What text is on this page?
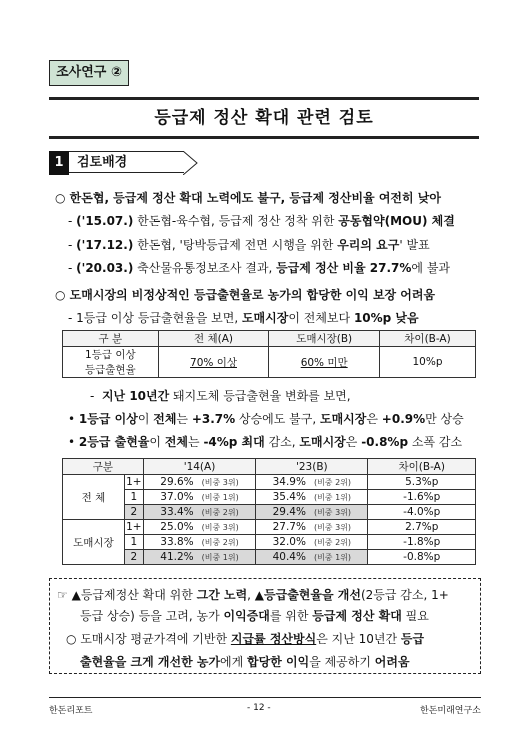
조사연구 ②
등급제 정산 확대 관련 검토
1	검토배경
○ 한돈협, 등급제 정산 확대 노력에도 불구, 등급제 정산비율 여전히 낮아
- ('15.07.) 한돈협-육수협, 등급제 정산 정착 위한 공동협약(MOU) 체결
- ('17.12.) 한돈협, '탕박등급제 전면 시행을 위한 우리의 요구' 발표
- ('20.03.) 축산물유통정보조사 결과, 등급제 정산 비율 27.7%에 불과
○ 도매시장의 비정상적인 등급출현율로 농가의 합당한 이익 보장 어려움
- 1등급 이상 등급출현율을 보면, 도매시장이 전체보다 10%p 낮음
구 분	전 체(A)	도매시장(B)	차이(B-A)
1등급 이상
등급출현율	70% 이상	60% 미만	10%p
-  지난 10년간 돼지도체 등급출현율 변화를 보면,
• 1등급 이상이 전체는 +3.7% 상승에도 불구, 도매시장은 +0.9%만 상승
• 2등급 출현율이 전체는 -4%p 최대 감소, 도매시장은 -0.8%p 소폭 감소
구분		'14(A)	'23(B)	차이(B-A)
전 체	1+	29.6% (비중 3위)	34.9% (비중 2위)	5.3%p
	1	37.0% (비중 1위)	35.4% (비중 1위)	-1.6%p
	2	33.4% (비중 2위)	29.4% (비중 3위)	-4.0%p
도매시장	1+	25.0% (비중 3위)	27.7% (비중 3위)	2.7%p
	1	33.8% (비중 2위)	32.0% (비중 2위)	-1.8%p
	2	41.2% (비중 1위)	40.4% (비중 1위)	-0.8%p
☞ ▲등급제정산 확대 위한 그간 노력, ▲등급출현율을 개선(2등급 감소, 1+
등급 상승) 등을 고려, 농가 이익증대를 위한 등급제 정산 확대 필요
○ 도매시장 평균가격에 기반한 지급률 정산방식은 지난 10년간 등급
출현율을 크게 개선한 농가에게 합당한 이익을 제공하기 어려움
한돈리포트	- 12 -	한돈미래연구소
